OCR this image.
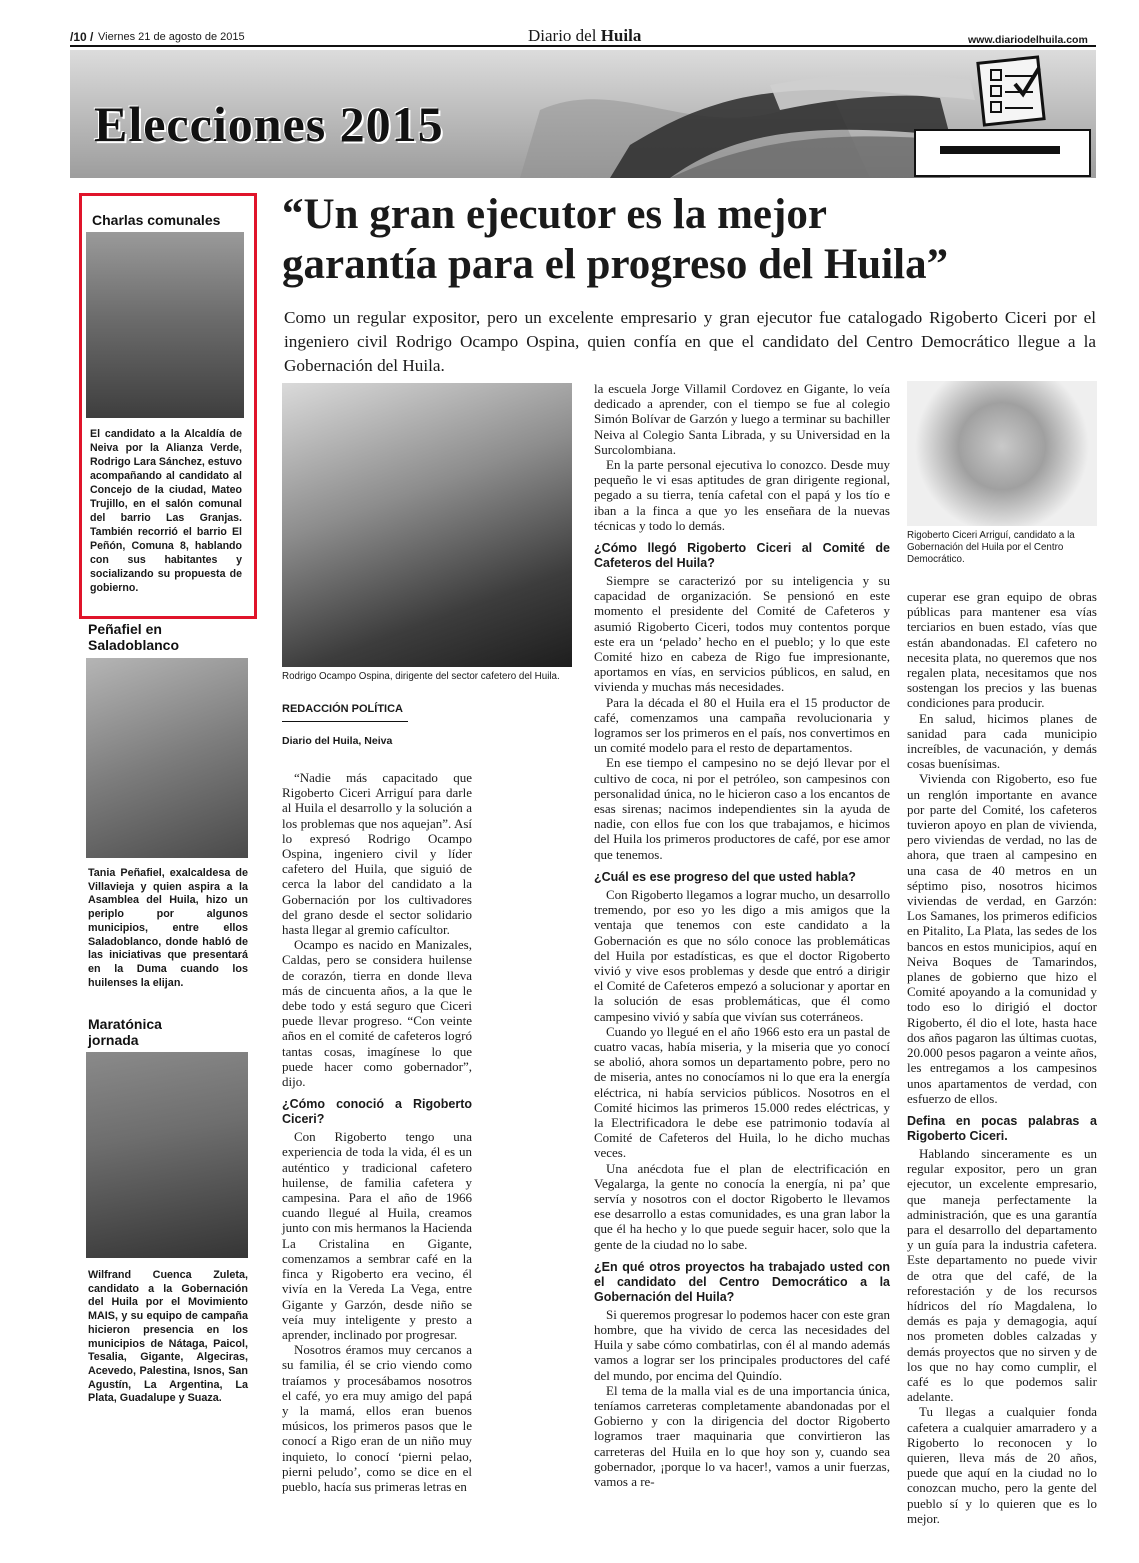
/10 / Viernes 21 de agosto de 2015	Diario del Huila	www.diariodelhuila.com
Elecciones 2015
Charlas comunales
El candidato a la Alcaldía de Neiva por la Alianza Verde, Rodrigo Lara Sánchez, estuvo acompañando al candidato al Concejo de la ciudad, Mateo Trujillo, en el salón comunal del barrio Las Granjas. También recorrió el barrio El Peñón, Comuna 8, hablando con sus habitantes y socializando su propuesta de gobierno.
Peñafiel en
Saladoblanco
Tania Peñafiel, exalcaldesa de Villavieja y quien aspira a la Asamblea del Huila, hizo un periplo por algunos municipios, entre ellos Saladoblanco, donde habló de las iniciativas que presentará en la Duma cuando los huilenses la elijan.
Maratónica
jornada
Wilfrand Cuenca Zuleta, candidato a la Gobernación del Huila por el Movimiento MAIS, y su equipo de campaña hicieron presencia en los municipios de Nátaga, Paicol, Tesalia, Gigante, Algeciras, Acevedo, Palestina, Isnos, San Agustín, La Argentina, La Plata, Guadalupe y Suaza.
“Un gran ejecutor es la mejor
garantía para el progreso del Huila”
Como un regular expositor, pero un excelente empresario y gran ejecutor fue catalogado Rigoberto Ciceri por el ingeniero civil Rodrigo Ocampo Ospina, quien confía en que el candidato del Centro Democrático llegue a la Gobernación del Huila.
Rodrigo Ocampo Ospina, dirigente del sector cafetero del Huila.
Rigoberto Ciceri Arriguí, candidato a la Gobernación del Huila por el Centro Democrático.
REDACCIÓN POLÍTICA
Diario del Huila, Neiva

“Nadie más capacitado que Rigoberto Ciceri Arriguí para darle al Huila el desarrollo y la solución a los problemas que nos aquejan”. Así lo expresó Rodrigo Ocampo Ospina, ingeniero civil y líder cafetero del Huila, que siguió de cerca la labor del candidato a la Gobernación por los cultivadores del grano desde el sector solidario hasta llegar al gremio cafícultor.

Ocampo es nacido en Manizales, Caldas, pero se considera huilense de corazón, tierra en donde lleva más de cincuenta años, a la que le debe todo y está seguro que Ciceri puede llevar progreso. “Con veinte años en el comité de cafeteros logró tantas cosas, imagínese lo que puede hacer como gobernador”, dijo.

¿Cómo conoció a Rigoberto Ciceri?

Con Rigoberto tengo una experiencia de toda la vida, él es un auténtico y tradicional cafetero huilense, de familia cafetera y campesina. Para el año de 1966 cuando llegué al Huila, creamos junto con mis hermanos la Hacienda La Cristalina en Gigante, comenzamos a sembrar café en la finca y Rigoberto era vecino, él vivía en la Vereda La Vega, entre Gigante y Garzón, desde niño se veía muy inteligente y presto a aprender, inclinado por progresar.

Nosotros éramos muy cercanos a su familia, él se crio viendo como traíamos y procesábamos nosotros el café, yo era muy amigo del papá y la mamá, ellos eran buenos músicos, los primeros pasos que le conocí a Rigo eran de un niño muy inquieto, lo conocí ‘pierni pelao, pierni peludo’, como se dice en el pueblo, hacía sus primeras letras en

la escuela Jorge Villamil Cordovez en Gigante, lo veía dedicado a aprender, con el tiempo se fue al colegio Simón Bolívar de Garzón y luego a terminar su bachiller Neiva al Colegio Santa Librada, y su Universidad en la Surcolombiana.

En la parte personal ejecutiva lo conozco. Desde muy pequeño le vi esas aptitudes de gran dirigente regional, pegado a su tierra, tenía cafetal con el papá y los tío e iban a la finca a que yo les enseñara de la nuevas técnicas y todo lo demás.

¿Cómo llegó Rigoberto Ciceri al Comité de Cafeteros del Huila?

Siempre se caracterizó por su inteligencia y su capacidad de organización. Se pensionó en este momento el presidente del Comité de Cafeteros y asumió Rigoberto Ciceri, todos muy contentos porque este era un ‘pelado’ hecho en el pueblo; y lo que este Comité hizo en cabeza de Rigo fue impresionante, aportamos en vías, en servicios públicos, en salud, en vivienda y muchas más necesidades.

Para la década el 80 el Huila era el 15 productor de café, comenzamos una campaña revolucionaria y logramos ser los primeros en el país, nos convertimos en un comité modelo para el resto de departamentos.

En ese tiempo el campesino no se dejó llevar por el cultivo de coca, ni por el petróleo, son campesinos con personalidad única, no le hicieron caso a los encantos de esas sirenas; nacimos independientes sin la ayuda de nadie, con ellos fue con los que trabajamos, e hicimos del Huila los primeros productores de café, por ese amor que tenemos.

¿Cuál es ese progreso del que usted habla?

Con Rigoberto llegamos a lograr mucho, un desarrollo tremendo, por eso yo les digo a mis amigos que la ventaja que tenemos con este candidato a la Gobernación es que no sólo conoce las problemáticas del Huila por estadísticas, es que el doctor Rigoberto vivió y vive esos problemas y desde que entró a dirigir el Comité de Cafeteros empezó a solucionar y aportar en la solución de esas problemáticas, que él como campesino vivió y sabía que vivían sus coterráneos.

Cuando yo llegué en el año 1966 esto era un pastal de cuatro vacas, había miseria, y la miseria que yo conocí se abolió, ahora somos un departamento pobre, pero no de miseria, antes no conocíamos ni lo que era la energía eléctrica, ni había servicios públicos. Nosotros en el Comité hicimos las primeros 15.000 redes eléctricas, y la Electrificadora le debe ese patrimonio todavía al Comité de Cafeteros del Huila, lo he dicho muchas veces.

Una anécdota fue el plan de electrificación en Vegalarga, la gente no conocía la energía, ni pa’ que servía y nosotros con el doctor Rigoberto le llevamos ese desarrollo a estas comunidades, es una gran labor la que él ha hecho y lo que puede seguir hacer, solo que la gente de la ciudad no lo sabe.

¿En qué otros proyectos ha trabajado usted con el candidato del Centro Democrático a la Gobernación del Huila?

Si queremos progresar lo podemos hacer con este gran hombre, que ha vivido de cerca las necesidades del Huila y sabe cómo combatirlas, con él al mando además vamos a lograr ser los principales productores del café del mundo, por encima del Quindío.

El tema de la malla vial es de una importancia única, teníamos carreteras completamente abandonadas por el Gobierno y con la dirigencia del doctor Rigoberto logramos traer maquinaria que convirtieron las carreteras del Huila en lo que hoy son y, cuando sea gobernador, ¡porque lo va hacer!, vamos a unir fuerzas, vamos a re-

cuperar ese gran equipo de obras públicas para mantener esa vías terciarios en buen estado, vías que están abandonadas. El cafetero no necesita plata, no queremos que nos regalen plata, necesitamos que nos sostengan los precios y las buenas condiciones para producir.

En salud, hicimos planes de sanidad para cada municipio increíbles, de vacunación, y demás cosas buenísimas.

Vivienda con Rigoberto, eso fue un renglón importante en avance por parte del Comité, los cafeteros tuvieron apoyo en plan de vivienda, pero viviendas de verdad, no las de ahora, que traen al campesino en una casa de 40 metros en un séptimo piso, nosotros hicimos viviendas de verdad, en Garzón: Los Samanes, los primeros edificios en Pitalito, La Plata, las sedes de los bancos en estos municipios, aquí en Neiva Boques de Tamarindos, planes de gobierno que hizo el Comité apoyando a la comunidad y todo eso lo dirigió el doctor Rigoberto, él dio el lote, hasta hace dos años pagaron las últimas cuotas, 20.000 pesos pagaron a veinte años, les entregamos a los campesinos unos apartamentos de verdad, con esfuerzo de ellos.

Defina en pocas palabras a Rigoberto Ciceri.

Hablando sinceramente es un regular expositor, pero un gran ejecutor, un excelente empresario, que maneja perfectamente la administración, que es una garantía para el desarrollo del departamento y un guía para la industria cafetera. Este departamento no puede vivir de otra que del café, de la reforestación y de los recursos hídricos del río Magdalena, lo demás es paja y demagogia, aquí nos prometen dobles calzadas y demás proyectos que no sirven y de los que no hay como cumplir, el café es lo que podemos salir adelante.

Tu llegas a cualquier fonda cafetera a cualquier amarradero y a Rigoberto lo reconocen y lo quieren, lleva más de 20 años, puede que aquí en la ciudad no lo conozcan mucho, pero la gente del pueblo sí y lo quieren que es lo mejor.
